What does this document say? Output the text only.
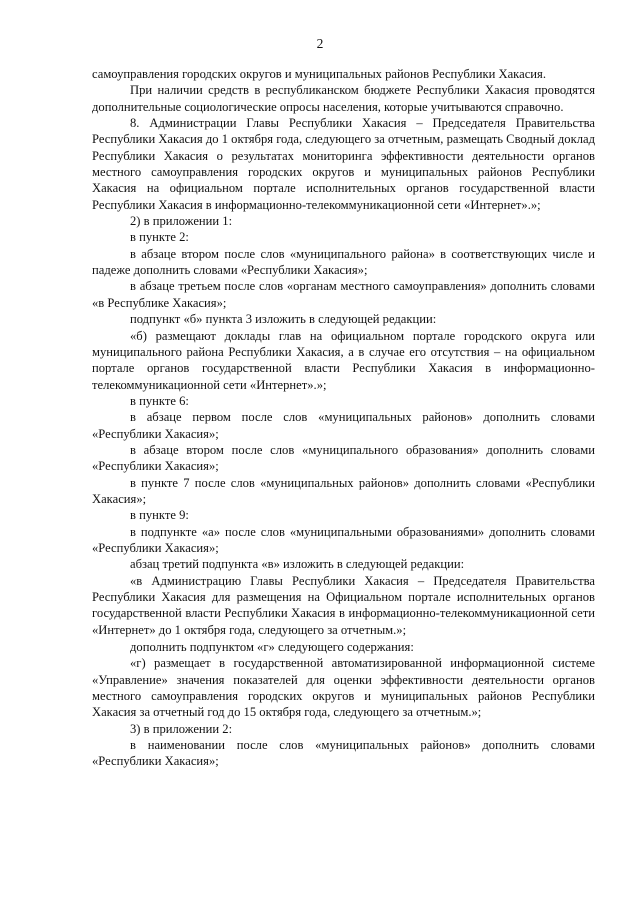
2

самоуправления городских округов и муниципальных районов Республики Хакасия.

При наличии средств в республиканском бюджете Республики Хакасия проводятся дополнительные социологические опросы населения, которые учитываются справочно.

8. Администрации Главы Республики Хакасия – Председателя Правительства Республики Хакасия до 1 октября года, следующего за отчетным, размещать Сводный доклад Республики Хакасия о результатах мониторинга эффективности деятельности органов местного самоуправления городских округов и муниципальных районов Республики Хакасия на официальном портале исполнительных органов государственной власти Республики Хакасия в информационно-телекоммуникационной сети «Интернет».»;

2) в приложении 1:

в пункте 2:

в абзаце втором после слов «муниципального района» в соответствующих числе и падеже дополнить словами «Республики Хакасия»;

в абзаце третьем после слов «органам местного самоуправления» дополнить словами «в Республике Хакасия»;

подпункт «б» пункта 3 изложить в следующей редакции:

«б) размещают доклады глав на официальном портале городского округа или муниципального района Республики Хакасия, а в случае его отсутствия – на официальном портале органов государственной власти Республики Хакасия в информационно-телекоммуникационной сети «Интернет».»;

в пункте 6:

в абзаце первом после слов «муниципальных районов» дополнить словами «Республики Хакасия»;

в абзаце втором после слов «муниципального образования» дополнить словами «Республики Хакасия»;

в пункте 7 после слов «муниципальных районов» дополнить словами «Республики Хакасия»;

в пункте 9:

в подпункте «а» после слов «муниципальными образованиями» дополнить словами «Республики Хакасия»;

абзац третий подпункта «в» изложить в следующей редакции:

«в Администрацию Главы Республики Хакасия – Председателя Правительства Республики Хакасия для размещения на Официальном портале исполнительных органов государственной власти Республики Хакасия в информационно-телекоммуникационной сети «Интернет» до 1 октября года, следующего за отчетным.»;

дополнить подпунктом «г» следующего содержания:

«г) размещает в государственной автоматизированной информационной системе «Управление» значения показателей для оценки эффективности деятельности органов местного самоуправления городских округов и муниципальных районов Республики Хакасия за отчетный год до 15 октября года, следующего за отчетным.»;

3) в приложении 2:

в наименовании после слов «муниципальных районов» дополнить словами «Республики Хакасия»;
